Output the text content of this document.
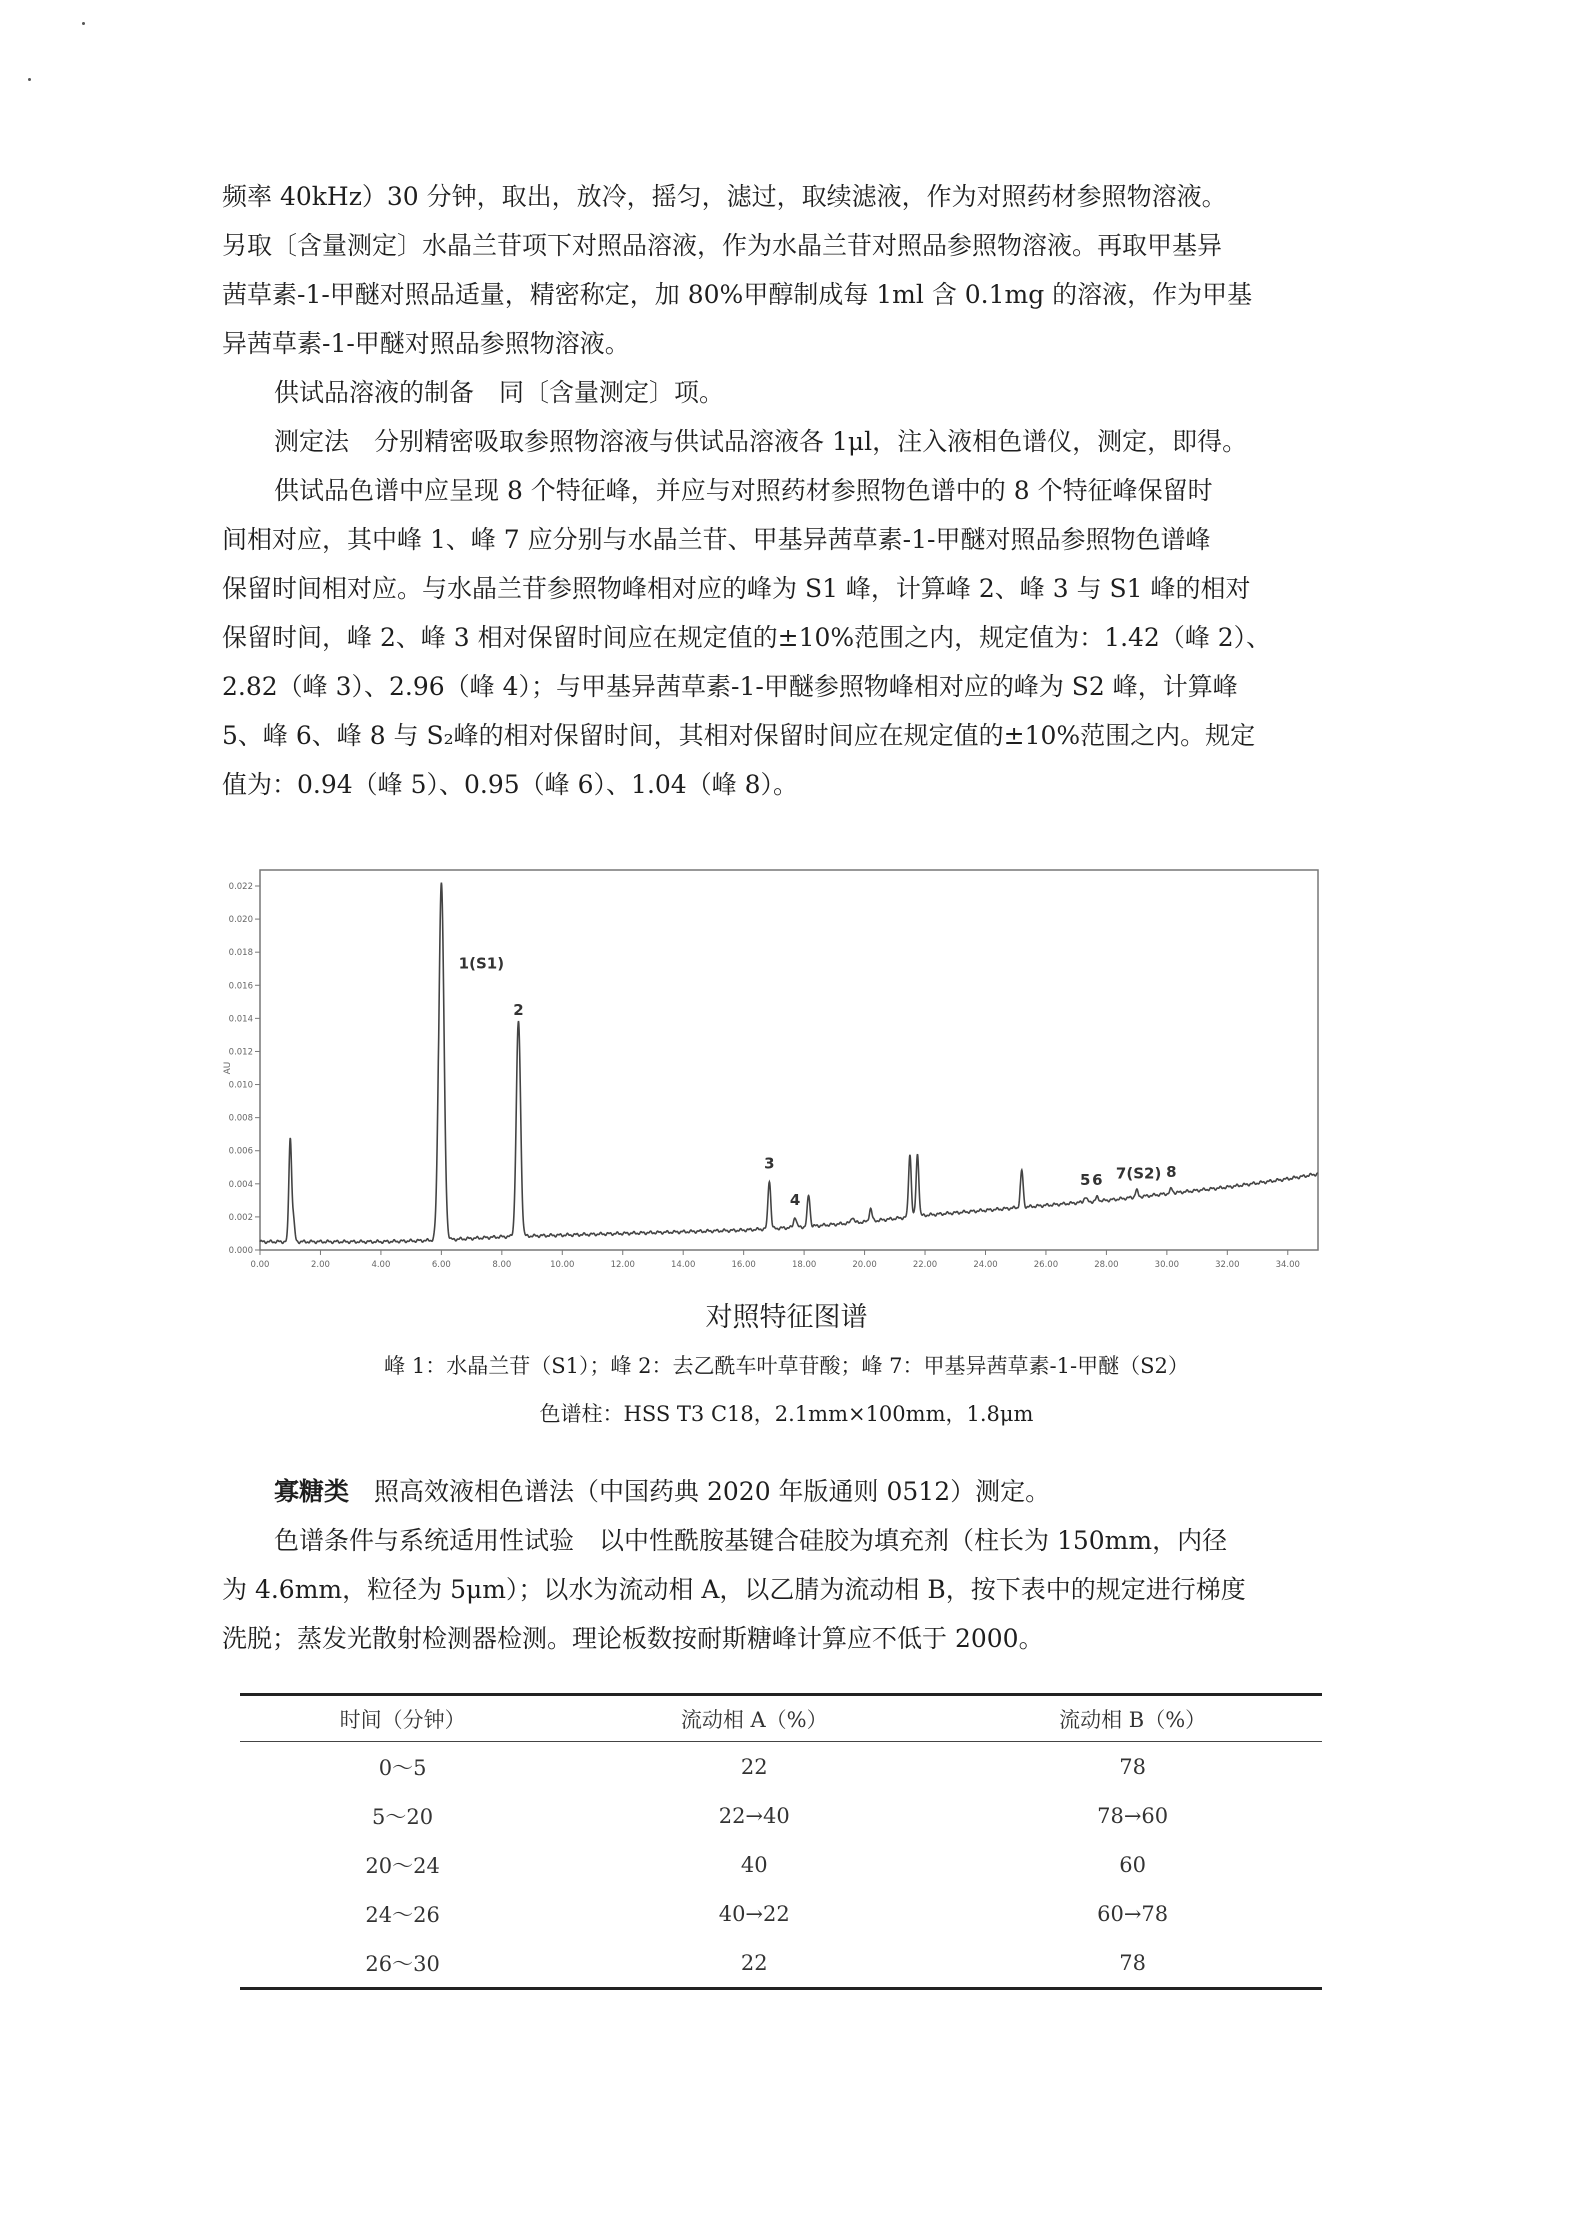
频率 40kHz）30 分钟，取出，放冷，摇匀，滤过，取续滤液，作为对照药材参照物溶液。
另取〔含量测定〕水晶兰苷项下对照品溶液，作为水晶兰苷对照品参照物溶液。再取甲基异
茜草素-1-甲醚对照品适量，精密称定，加 80%甲醇制成每 1ml 含 0.1mg 的溶液，作为甲基
异茜草素-1-甲醚对照品参照物溶液。
供试品溶液的制备　同〔含量测定〕项。
测定法　分别精密吸取参照物溶液与供试品溶液各 1μl，注入液相色谱仪，测定，即得。
供试品色谱中应呈现 8 个特征峰，并应与对照药材参照物色谱中的 8 个特征峰保留时
间相对应，其中峰 1、峰 7 应分别与水晶兰苷、甲基异茜草素-1-甲醚对照品参照物色谱峰
保留时间相对应。与水晶兰苷参照物峰相对应的峰为 S1 峰，计算峰 2、峰 3 与 S1 峰的相对
保留时间，峰 2、峰 3 相对保留时间应在规定值的±10%范围之内，规定值为：1.42（峰 2）、
2.82（峰 3）、2.96（峰 4）；与甲基异茜草素-1-甲醚参照物峰相对应的峰为 S2 峰，计算峰
5、峰 6、峰 8 与 S₂峰的相对保留时间，其相对保留时间应在规定值的±10%范围之内。规定
值为：0.94（峰 5）、0.95（峰 6）、1.04（峰 8）。
0.000
0.002
0.004
0.006
0.008
0.010
0.012
0.014
0.016
0.018
0.020
0.022
0.00	2.00	4.00	6.00	8.00	10.00	12.00	14.00	16.00	18.00	20.00	22.00	24.00	26.00	28.00	30.00	32.00	34.00
AU
1(S1)
2
3
4
5 6 7(S2) 8
对照特征图谱
峰 1：水晶兰苷（S1）；峰 2：去乙酰车叶草苷酸；峰 7：甲基异茜草素-1-甲醚（S2）
色谱柱：HSS T3 C18，2.1mm×100mm，1.8μm
寡糖类　 照高效液相色谱法（中国药典 2020 年版通则 0512）测定。
色谱条件与系统适用性试验　以中性酰胺基键合硅胶为填充剂（柱长为 150mm，内径
为 4.6mm，粒径为 5μm）；以水为流动相 A，以乙腈为流动相 B，按下表中的规定进行梯度
洗脱；蒸发光散射检测器检测。理论板数按耐斯糖峰计算应不低于 2000。
时间（分钟）	流动相 A（%）	流动相 B（%）
0～5	22	78
5～20	22→40	78→60
20～24	40	60
24～26	40→22	60→78
26～30	22	78
